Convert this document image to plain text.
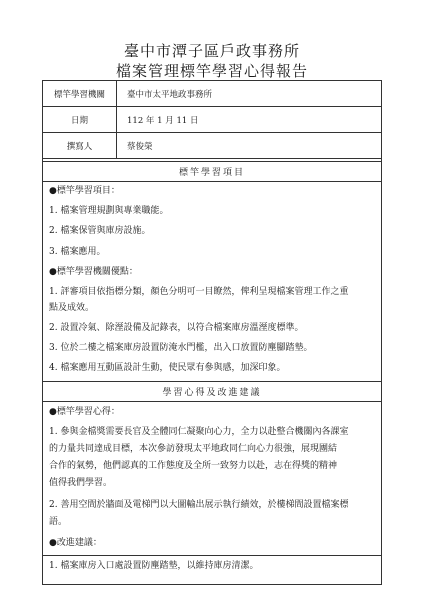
臺中市潭子區戶政事務所
檔案管理標竿學習心得報告
標竿學習機關	臺中市太平地政事務所
日期	112 年 1 月 11 日
撰寫人	蔡俊榮
標竿學習項目
●標竿學習項目：
1. 檔案管理規劃與專業職能。
2. 檔案保管與庫房設施。
3. 檔案應用。
●標竿學習機關優點：
1. 評審項目依指標分類，顏色分明可一目瞭然，俾利呈現檔案管理工作之重
點及成效。
2. 設置冷氣、除溼設備及記錄表，以符合檔案庫房溫溼度標準。
3. 位於二樓之檔案庫房設置防淹水門檻，出入口放置防塵腳踏墊。
4. 檔案應用互動區設計生動，使民眾有參與感，加深印象。
學習心得及改進建議
●標竿學習心得：
1. 參與金檔獎需要長官及全體同仁凝聚向心力，全力以赴整合機關內各課室
的力量共同達成目標，本次參訪發現太平地政同仁向心力很強，展現團結
合作的氣勢，他們認真的工作態度及全所一致努力以赴，志在得獎的精神
值得我們學習。
2. 善用空間於牆面及電梯門以大圖輸出展示執行績效，於樓梯間設置檔案標
語。
●改進建議：
1. 檔案庫房入口處設置防塵踏墊，以維持庫房清潔。
